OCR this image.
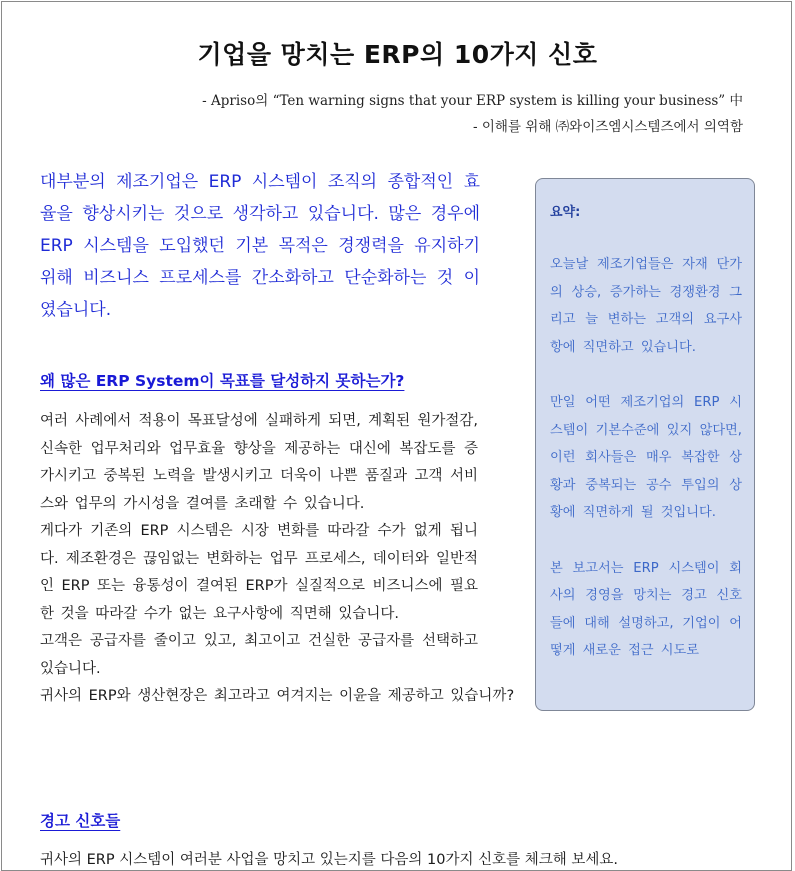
기업을 망치는 ERP의 10가지 신호
- Apriso의 “Ten warning signs that your ERP system is killing your business” 中
- 이해를 위해 ㈜와이즈엠시스템즈에서 의역함
대부분의 제조기업은 ERP 시스템이 조직의 종합적인 효율을 향상시키는 것으로 생각하고 있습니다. 많은 경우에 ERP 시스템을 도입했던 기본 목적은 경쟁력을 유지하기 위해 비즈니스 프로세스를 간소화하고 단순화하는 것 이였습니다.
왜 많은 ERP System이 목표를 달성하지 못하는가?

여러 사례에서 적용이 목표달성에 실패하게 되면, 계획된 원가절감, 신속한 업무처리와 업무효율 향상을 제공하는 대신에 복잡도를 증가시키고 중복된 노력을 발생시키고 더욱이 나쁜 품질과 고객 서비스와 업무의 가시성을 결여를 초래할 수 있습니다.

게다가 기존의 ERP 시스템은 시장 변화를 따라갈 수가 없게 됩니다. 제조환경은 끊임없는 변화하는 업무 프로세스, 데이터와 일반적인 ERP 또는 융통성이 결여된 ERP가 실질적으로 비즈니스에 필요한 것을 따라갈 수가 없는 요구사항에 직면해 있습니다.

고객은 공급자를 줄이고 있고, 최고이고 건실한 공급자를 선택하고 있습니다.

귀사의 ERP와 생산현장은 최고라고 여겨지는 이윤을 제공하고 있습니까?

경고 신호들
귀사의 ERP 시스템이 여러분 사업을 망치고 있는지를 다음의 10가지 신호를 체크해 보세요.
요약:

오늘날 제조기업들은 자재 단가의 상승, 증가하는 경쟁환경 그리고 늘 변하는 고객의 요구사항에 직면하고 있습니다.

만일 어떤 제조기업의 ERP 시스템이 기본수준에 있지 않다면, 이런 회사들은 매우 복잡한 상황과 중복되는 공수 투입의 상황에 직면하게 될 것입니다.

본 보고서는 ERP 시스템이 회사의 경영을 망치는 경고 신호들에 대해 설명하고, 기업이 어떻게 새로운 접근 시도로
